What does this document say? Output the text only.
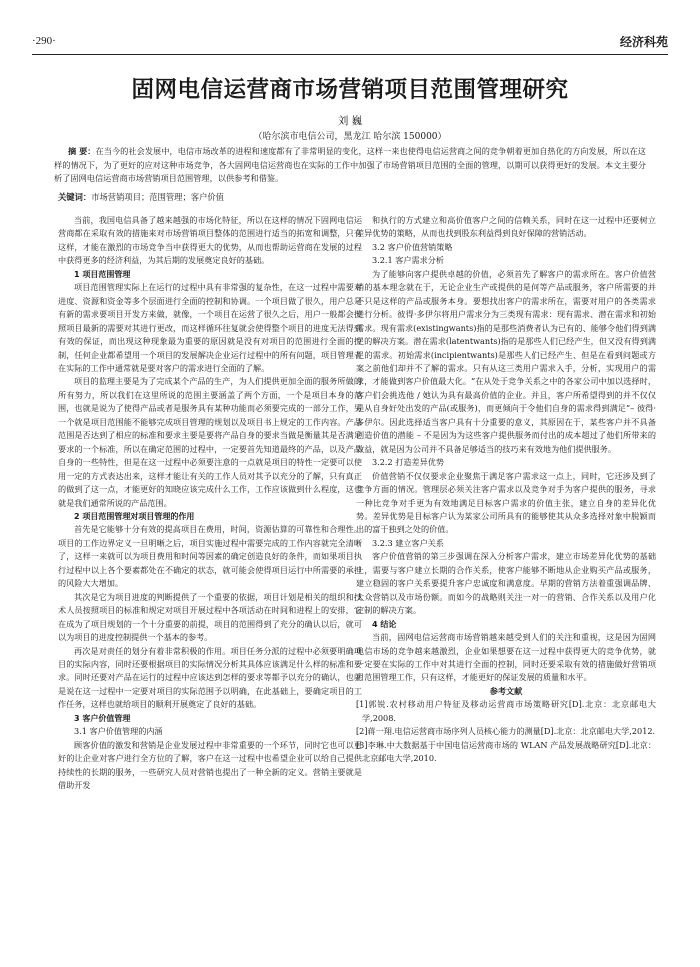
·290·	经济科苑
固网电信运营商市场营销项目范围管理研究
刘 巍
（哈尔滨市电信公司，黑龙江 哈尔滨 150000）
摘 要：在当今的社会发展中，电信市场改革的进程和速度都有了非常明显的变化，这样一来也使得电信运营商之间的竞争朝着更加自热化的方向发展，所以在这样的情况下，为了更好的应对这种市场竞争，各大固网电信运营商也在实际的工作中加强了市场营销项目范围的全面的管理，以期可以获得更好的发展。本文主要分析了固网电信运营商市场营销项目范围管理，以供参考和借鉴。
关键词：市场营销项目；范围管理；客户价值

当前，我国电信具备了越来越强的市场化特征，所以在这样的情况下固网电信运营商都在采取有效的措施来对市场营销项目整体的范围进行适当的拓宽和调整，只有这样，才能在激烈的市场竞争当中获得更大的优势，从而也帮助运营商在发展的过程中获得更多的经济利益，为其后期的发展奠定良好的基础。

1 项目范围管理

项目范围管理实际上在运行的过程中具有非常强的复杂性，在这一过程中需要对进度、资源和资金等多个层面进行全面的控制和协调。一个项目做了很久，用户总是有新的需求要项目开发方来做，就像，一个项目在运营了很久之后，用户一般都会按照项目最新的需要对其进行更改，而这样循环往复就会使得整个项目的进度无法得到有效的保证，而出现这种现象最为重要的原因就是没有对项目的范围进行全面的控制，任何企业都希望用一个项目的发展解决企业运行过程中的所有问题，项目管理者在实际的工作中通常就是要对客户的需求进行全面的了解。

项目的监理主要是为了完成某个产品的生产，为人们提供更加全面的服务所做的所有努力，所以我们在这里所说的范围主要涵盖了两个方面，一个是项目本身的范围，也就是说为了使得产品或者是服务具有某种功能而必须要完成的一部分工作，另一个就是项目范围能不能够完成项目管理的规划以及项目书上规定的工作内容。产品范围是否达到了相应的标准和要求主要是要将产品自身的要求当做是衡量其是否满足要求的一个标准，所以在确定范围的过程中，一定要首先知道最终的产品，以及产品自身的一些特性，但是在这一过程中必须要注意的一点就是项目的特性一定要可以使用一定的方式表达出来，这样才能让有关的工作人员对其予以充分的了解，只有真正的做到了这一点，才能更好的知晓应该完成什么工作，工作应该做到什么程度，这也就是我们通常所说的产品范围。

2 项目范围管理对项目管理的作用

首先是它能够十分有效的提高项目在费用，时间，资源估算的可靠性和合理性。项目的工作边界定义一旦明晰之后，项目实施过程中需要完成的工作内容就完全清晰了，这样一来就可以为项目费用和时间等因素的确定创造良好的条件，而如果项目执行过程中以上各个要素都处在不确定的状态，就可能会使得项目运行中所需要的承担的风险大大增加。

其次是它为项目进度的判断提供了一个重要的依据，项目计划是相关的组织和技术人员按照项目的标准和规定对项目开展过程中各项活动在时间和进程上的安排，它在成为了项目规划的一个十分重要的前提，项目的范围得到了充分的确认以后，就可以为项目的进度控制提供一个基本的参考。

再次是对责任的划分有着非常积极的作用。项目任务分派的过程中必须要明确项目的实际内容，同时还要根据项目的实际情况分析其具体应该满足什么样的标准和要求。同时还要对产品在运行的过程中应该达到怎样的要求等都予以充分的确认，也就是说在这一过程中一定要对项目的实际范围予以明确，在此基础上，要确定项目的工作任务，这样也就给项目的顺利开展奠定了良好的基础。

3 客户价值管理

3.1 客户价值管理的内涵

顾客价值的激发和营销是企业发展过程中非常重要的一个环节，同时它也可以更好的让企业对客户进行全方位的了解，客户在这一过程中也希望企业可以给自己提供持续性的长期的服务，一些研究人员对营销也提出了一种全新的定义。营销主要就是借助开发

和执行的方式建立和高价值客户之间的信赖关系，同时在这一过程中还要树立差异优势的策略，从而也找到股东利益得到良好保障的营销活动。

3.2 客户价值营销策略

3.2.1 客户需求分析

为了能够向客户提供卓越的价值，必须首先了解客户的需求所在。客户价值营销的基本理念就在于，无论企业生产或提供的是何等产品或服务，客户所需要的并不只是这样的产品或服务本身。要想找出客户的需求所在，需要对用户的各类需求进行分析。彼得·多伊尔将用户需求分为三类现有需求：现有需求、潜在需求和初始需求。现有需求(existingwants)指的是那些消费者认为已有的、能够令他们得到满足的解决方案。潜在需求(latentwants)指的是那些人们已经产生，但又没有得到满足的需求。初始需求(incipientwants)是那些人们已经产生、但是在看到问题或方案之前他们却并不了解的需求。只有从这三类用户需求入手，分析，实现用户的需求，才能做到客户价值最大化。“在从处于竞争关系之中的各家公司中加以选择时，客户们会挑选他 / 她认为具有最高价值的企业。并且，客户所希望得到的并不仅仅是从自身好处出发的产品(或服务)，而更倾向于令他们自身的需求得到满足”– 彼得·多伊尔。因此选择适当客户具有十分重要的意义，其原因在于，某些客户并不具备创造价值的潜能 – 不是因为为这些客户提供服务而付出的成本超过了他们所带来的效益，就是因为公司并不具备足够适当的技巧来有效地为他们提供服务。

3.2.2 打造差异优势

价值营销不仅仅要求企业聚焦于满足客户需求这一点上，同时，它还涉及到了竞争方面的情况。管理层必须关注客户需求以及竞争对手为客户提供的服务，寻求一种比竞争对手更为有效地满足目标客户需求的价值主张，建立自身的差异化优势。差异优势是目标客户认为某家公司所具有的能够使其从众多选择对象中脱颖而出的富于独到之处的价值。

3.2.3 建立客户关系

客户价值营销的第三步强调在深入分析客户需求，建立市场差异化优势的基础上，需要与客户建立长期的合作关系，使客户能够不断地从企业购买产品或服务，建立稳固的客户关系要提升客户忠诚度和满意度。早期的营销方法着重强调品牌、大众营销以及市场份额。而如今的战略则关注一对一的营销、合作关系以及用户化定制的解决方案。

4 结论

当前，固网电信运营商市场营销越来越受到人们的关注和重视，这是因为固网电信市场的竞争越来越激烈，企业如果想要在这一过程中获得更大的竞争优势，就一定要在实际的工作中对其进行全面的控制，同时还要采取有效的措施做好营销项目范围管理工作，只有这样，才能更好的保证发展的质量和水平。

参考文献

[1]郭锐.农村移动用户特征及移动运营商市场策略研究[D].北京：北京邮电大学,2008.

[2]蒋一翔.电信运营商市场序列人员核心能力的测量[D].北京：北京邮电大学,2012.

[3]李琳.中大数据基于中国电信运营商市场的 WLAN 产品发展战略研究[D].北京：北京邮电大学,2010.
